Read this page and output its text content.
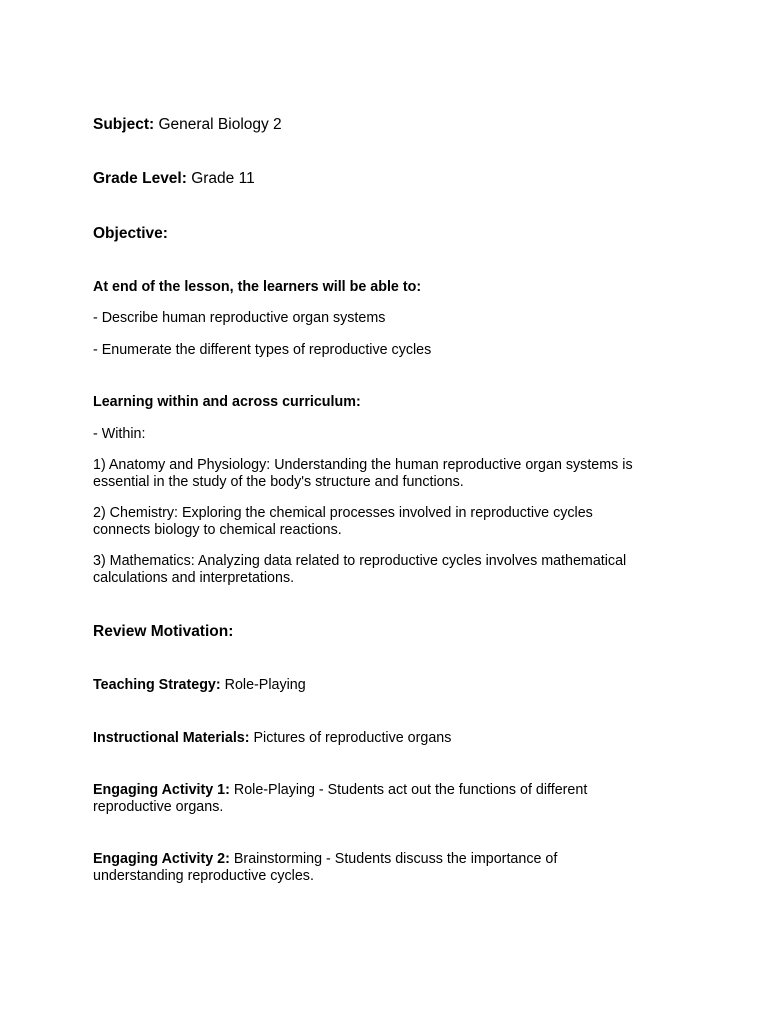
Subject: General Biology 2
Grade Level: Grade 11
Objective:
At end of the lesson, the learners will be able to:
- Describe human reproductive organ systems
- Enumerate the different types of reproductive cycles
Learning within and across curriculum:
- Within:
1) Anatomy and Physiology: Understanding the human reproductive organ systems is essential in the study of the body's structure and functions.
2) Chemistry: Exploring the chemical processes involved in reproductive cycles connects biology to chemical reactions.
3) Mathematics: Analyzing data related to reproductive cycles involves mathematical calculations and interpretations.
Review Motivation:
Teaching Strategy: Role-Playing
Instructional Materials: Pictures of reproductive organs
Engaging Activity 1: Role-Playing - Students act out the functions of different reproductive organs.
Engaging Activity 2: Brainstorming - Students discuss the importance of understanding reproductive cycles.
